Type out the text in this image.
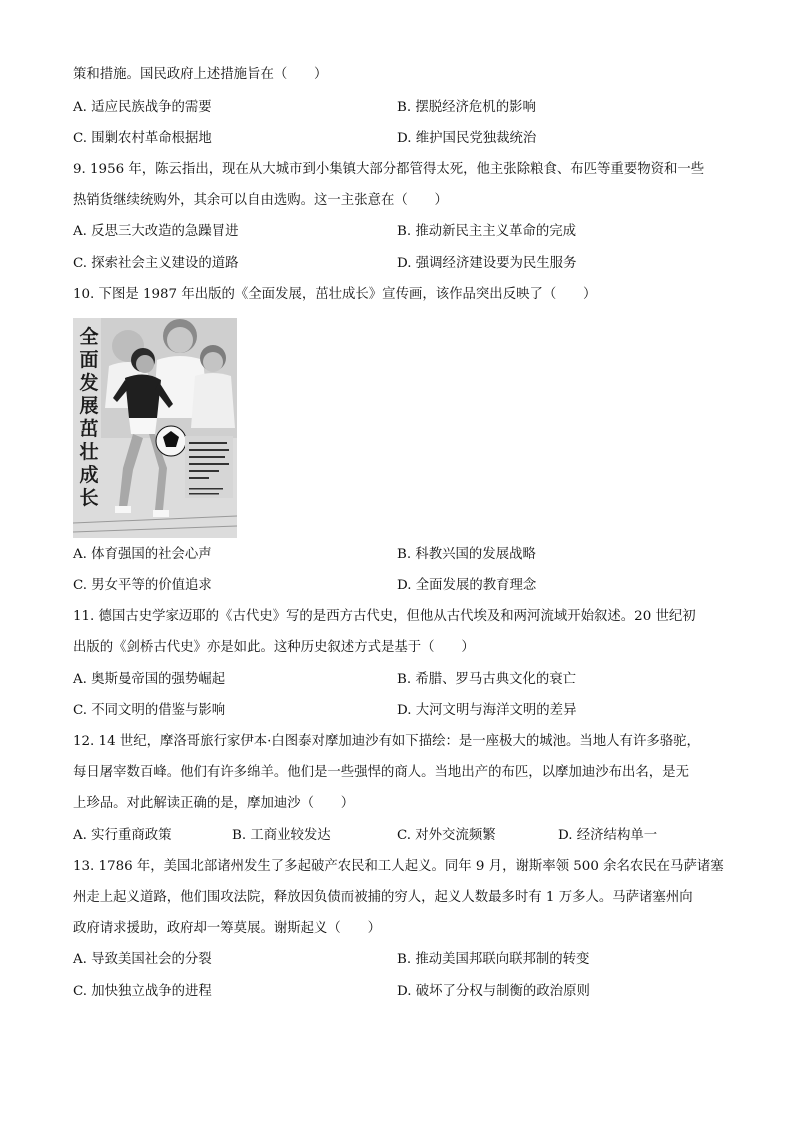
策和措施。国民政府上述措施旨在（　　）
A. 适应民族战争的需要	B. 摆脱经济危机的影响
C. 围剿农村革命根据地	D. 维护国民党独裁统治
9. 1956 年，陈云指出，现在从大城市到小集镇大部分都管得太死，他主张除粮食、布匹等重要物资和一些
热销货继续统购外，其余可以自由选购。这一主张意在（　　）
A. 反思三大改造的急躁冒进	B. 推动新民主主义革命的完成
C. 探索社会主义建设的道路	D. 强调经济建设要为民生服务
10. 下图是 1987 年出版的《全面发展，茁壮成长》宣传画，该作品突出反映了（　　）
全面发展茁壮成长
A. 体育强国的社会心声	B. 科教兴国的发展战略
C. 男女平等的价值追求	D. 全面发展的教育理念
11. 德国古史学家迈耶的《古代史》写的是西方古代史，但他从古代埃及和两河流域开始叙述。20 世纪初
出版的《剑桥古代史》亦是如此。这种历史叙述方式是基于（　　）
A. 奥斯曼帝国的强势崛起	B. 希腊、罗马古典文化的衰亡
C. 不同文明的借鉴与影响	D. 大河文明与海洋文明的差异
12. 14 世纪，摩洛哥旅行家伊本·白图泰对摩加迪沙有如下描绘：是一座极大的城池。当地人有许多骆驼，
每日屠宰数百峰。他们有许多绵羊。他们是一些强悍的商人。当地出产的布匹，以摩加迪沙布出名，是无
上珍品。对此解读正确的是，摩加迪沙（　　）
A. 实行重商政策	B. 工商业较发达	C. 对外交流频繁	D. 经济结构单一
13. 1786 年，美国北部诸州发生了多起破产农民和工人起义。同年 9 月，谢斯率领 500 余名农民在马萨诸塞
州走上起义道路，他们围攻法院，释放因负债而被捕的穷人，起义人数最多时有 1 万多人。马萨诸塞州向
政府请求援助，政府却一筹莫展。谢斯起义（　　）
A. 导致美国社会的分裂	B. 推动美国邦联向联邦制的转变
C. 加快独立战争的进程	D. 破坏了分权与制衡的政治原则
